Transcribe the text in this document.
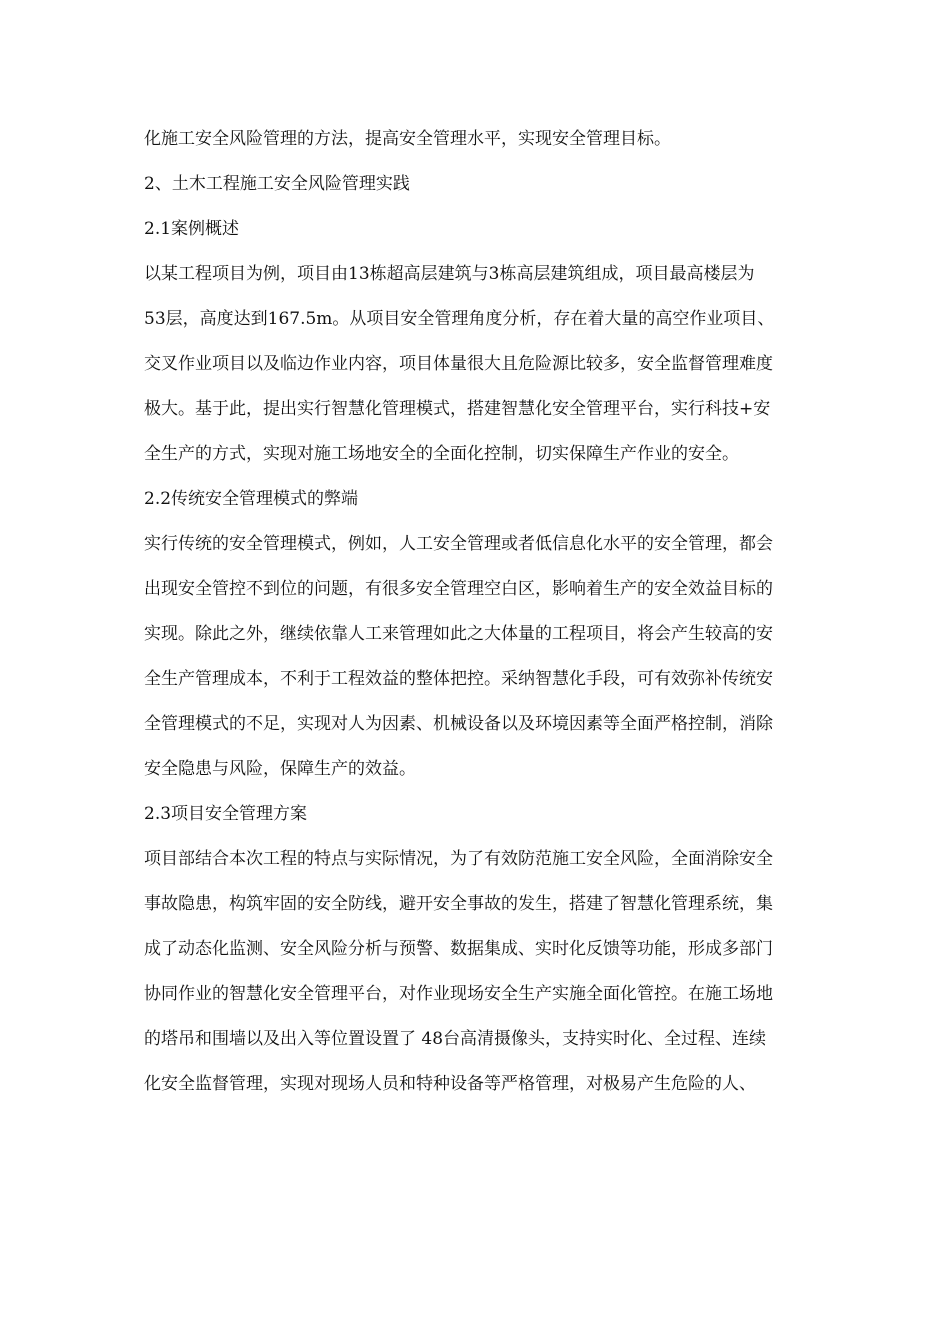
化施工安全风险管理的方法，提高安全管理水平，实现安全管理目标。
2、土木工程施工安全风险管理实践
2.1案例概述
以某工程项目为例，项目由13栋超高层建筑与3栋高层建筑组成，项目最高楼层为
53层，高度达到167.5m。从项目安全管理角度分析，存在着大量的高空作业项目、
交叉作业项目以及临边作业内容，项目体量很大且危险源比较多，安全监督管理难度
极大。基于此，提出实行智慧化管理模式，搭建智慧化安全管理平台，实行科技+安
全生产的方式，实现对施工场地安全的全面化控制，切实保障生产作业的安全。
2.2传统安全管理模式的弊端
实行传统的安全管理模式，例如，人工安全管理或者低信息化水平的安全管理，都会
出现安全管控不到位的问题，有很多安全管理空白区，影响着生产的安全效益目标的
实现。除此之外，继续依靠人工来管理如此之大体量的工程项目，将会产生较高的安
全生产管理成本，不利于工程效益的整体把控。采纳智慧化手段，可有效弥补传统安
全管理模式的不足，实现对人为因素、机械设备以及环境因素等全面严格控制，消除
安全隐患与风险，保障生产的效益。
2.3项目安全管理方案
项目部结合本次工程的特点与实际情况，为了有效防范施工安全风险，全面消除安全
事故隐患，构筑牢固的安全防线，避开安全事故的发生，搭建了智慧化管理系统，集
成了动态化监测、安全风险分析与预警、数据集成、实时化反馈等功能，形成多部门
协同作业的智慧化安全管理平台，对作业现场安全生产实施全面化管控。在施工场地
的塔吊和围墙以及出入等位置设置了 48台高清摄像头，支持实时化、全过程、连续
化安全监督管理，实现对现场人员和特种设备等严格管理，对极易产生危险的人、
